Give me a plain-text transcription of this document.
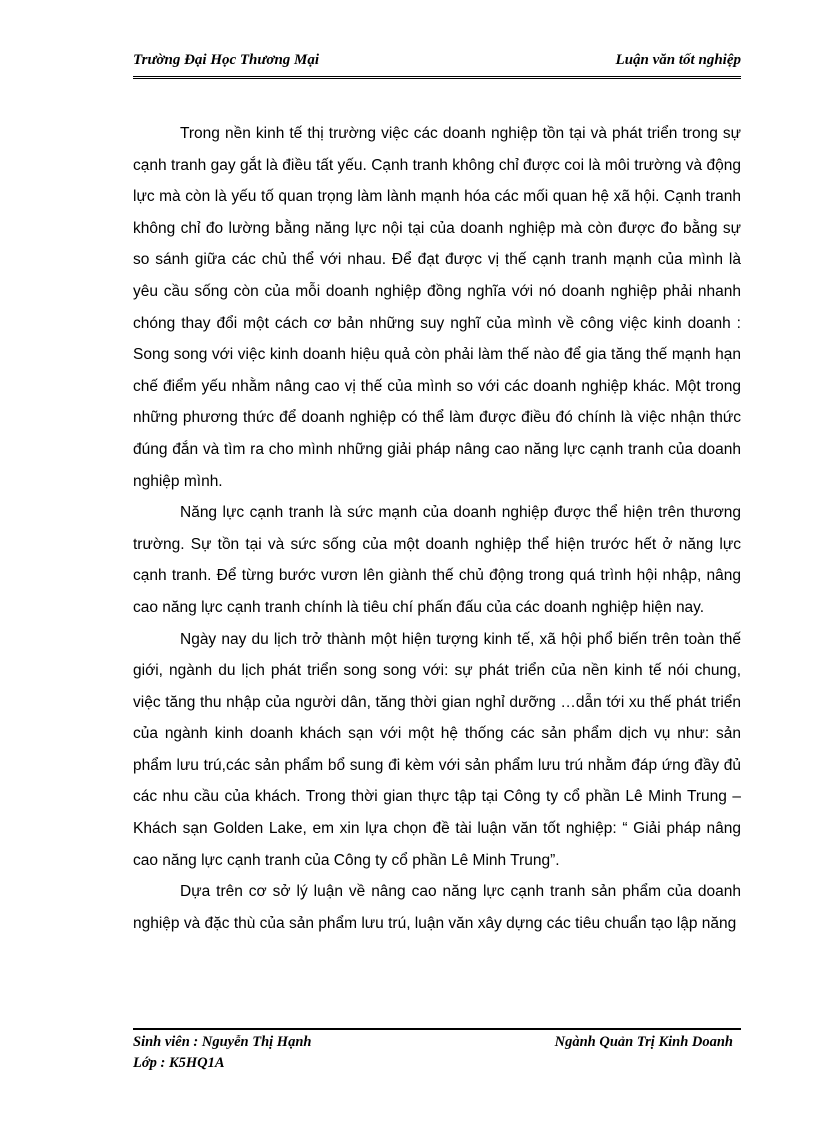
Trường Đại Học Thương Mại	Luận văn tốt nghiệp

Trong nền kinh tế thị trường việc các doanh nghiệp tồn tại và phát triển trong sự cạnh tranh gay gắt là điều tất yếu. Cạnh tranh không chỉ được coi là môi trường và động lực mà còn là yếu tố quan trọng làm lành mạnh hóa các mối quan hệ xã hội. Cạnh tranh không chỉ đo lường bằng năng lực nội tại của doanh nghiệp mà còn được đo bằng sự so sánh giữa các chủ thể với nhau. Để đạt được vị thế cạnh tranh mạnh của mình là yêu cầu sống còn của mỗi doanh nghiệp đồng nghĩa với nó doanh nghiệp phải nhanh chóng thay đổi một cách cơ bản những suy nghĩ của mình về công việc kinh doanh : Song song với việc kinh doanh hiệu quả còn phải làm thế nào để gia tăng thế mạnh hạn chế điểm yếu nhằm nâng cao vị thế của mình so với các doanh nghiệp khác. Một trong những phương thức để doanh nghiệp có thể làm được điều đó chính là việc nhận thức đúng đắn và tìm ra cho mình những giải pháp nâng cao năng lực cạnh tranh của doanh nghiệp mình.

Năng lực cạnh tranh là sức mạnh của doanh nghiệp được thể hiện trên thương trường. Sự tồn tại và sức sống của một doanh nghiệp thể hiện trước hết ở năng lực cạnh tranh. Để từng bước vươn lên giành thế chủ động trong quá trình hội nhập, nâng cao năng lực cạnh tranh chính là tiêu chí phấn đấu của các doanh nghiệp hiện nay.

Ngày nay du lịch trở thành một hiện tượng kinh tế, xã hội phổ biến trên toàn thế giới, ngành du lịch phát triển song song với: sự phát triển của nền kinh tế nói chung, việc tăng thu nhập của người dân, tăng thời gian nghỉ dưỡng …dẫn tới xu thế phát triển của ngành kinh doanh khách sạn với một hệ thống các sản phẩm dịch vụ như: sản phẩm lưu trú,các sản phẩm bổ sung đi kèm với sản phẩm lưu trú nhằm đáp ứng đầy đủ các nhu cầu của khách. Trong thời gian thực tập tại Công ty cổ phần Lê Minh Trung – Khách sạn Golden Lake, em xin lựa chọn đề tài luận văn tốt nghiệp: “ Giải pháp nâng cao năng lực cạnh tranh của Công ty cổ phần Lê Minh Trung”.

Dựa trên cơ sở lý luận về nâng cao năng lực cạnh tranh sản phẩm của doanh nghiệp và đặc thù của sản phẩm lưu trú, luận văn xây dựng các tiêu chuẩn tạo lập năng

Sinh viên : Nguyễn Thị Hạnh	Ngành Quản Trị Kinh Doanh
Lớp : K5HQ1A
